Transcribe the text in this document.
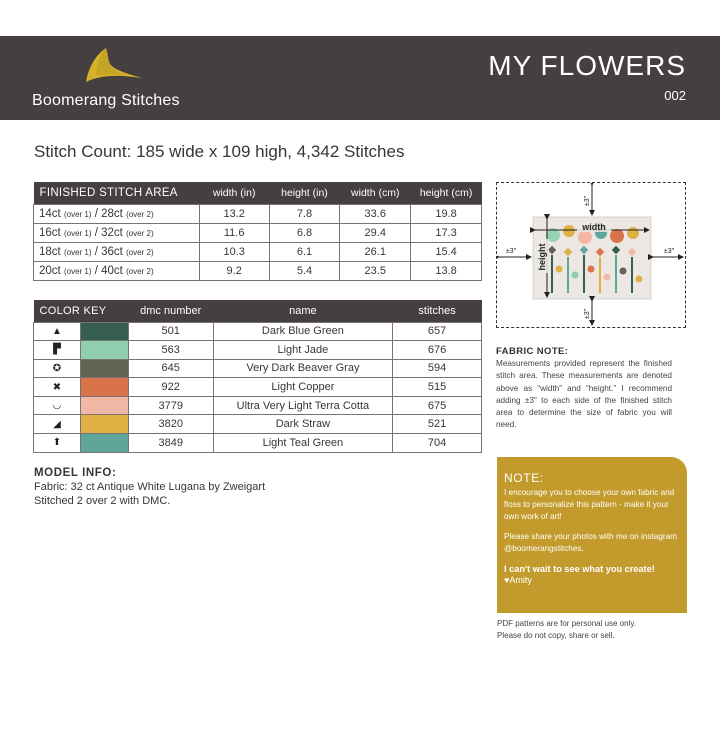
Boomerang Stitches
MY FLOWERS
002
Stitch Count: 185 wide x 109 high, 4,342 Stitches
FINISHED STITCH AREA	width (in)	height (in)	width (cm)	height (cm)
14ct (over 1) / 28ct (over 2)	13.2	7.8	33.6	19.8
16ct (over 1) / 32ct (over 2)	11.6	6.8	29.4	17.3
18ct (over 1) / 36ct (over 2)	10.3	6.1	26.1	15.4
20ct (over 1) / 40ct (over 2)	9.2	5.4	23.5	13.8
COLOR KEY		dmc number	name	stitches
▲		501	Dark Blue Green	657
▛		563	Light Jade	676
✪		645	Very Dark Beaver Gray	594
✖		922	Light Copper	515
◡		3779	Ultra Very Light Terra Cotta	675
◢		3820	Dark Straw	521
⬆		3849	Light Teal Green	704
MODEL INFO:
Fabric: 32 ct Antique White Lugana by Zweigart
Stitched 2 over 2 with DMC.
width
height
±3"
±3"
±3"	±3"
FABRIC NOTE:
Measurements provided represent the finished stitch area. These measurements are denoted above as “width” and “height.” I recommend adding ±3" to each side of the finished stitch area to determine the size of fabric you will need.
NOTE:

I encourage you to choose your own fabric and floss to personalize this pattern - make it your own work of art!

Please share your photos with me on instagram @boomerangstitches.

I can't wait to see what you create!

♥Amity
PDF patterns are for personal use only.
Please do not copy, share or sell.
